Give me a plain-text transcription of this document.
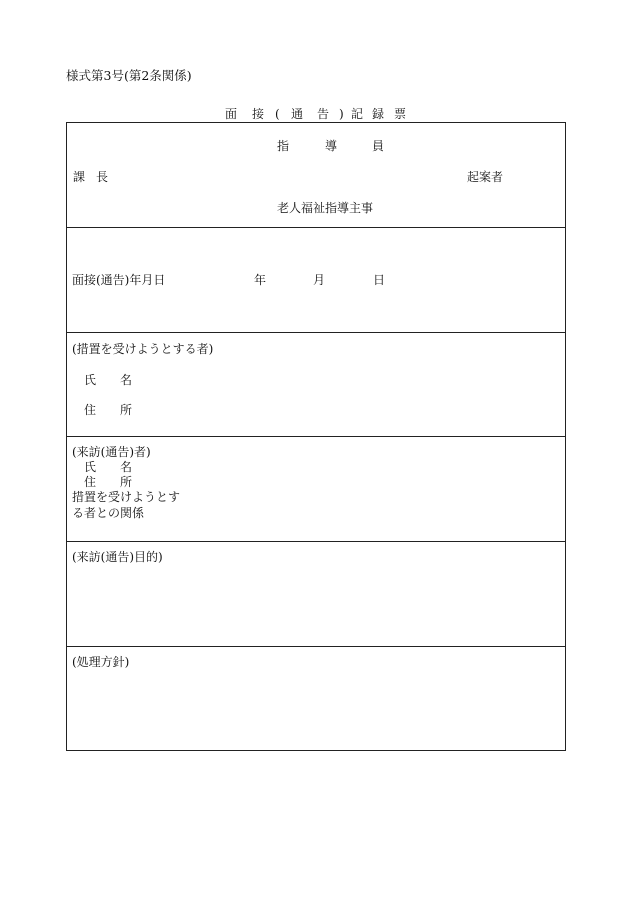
様式第3号(第2条関係)
面 接 ( 通 告 ) 記 録 票
指	導	員
課 長	起案者
老人福祉指導主事
面接(通告)年月日	年	月	日
(措置を受けようとする者)
氏 名
住 所
(来訪(通告)者)
氏 名
住 所
措置を受けようとす
る者との関係
(来訪(通告)目的)
(処理方針)
